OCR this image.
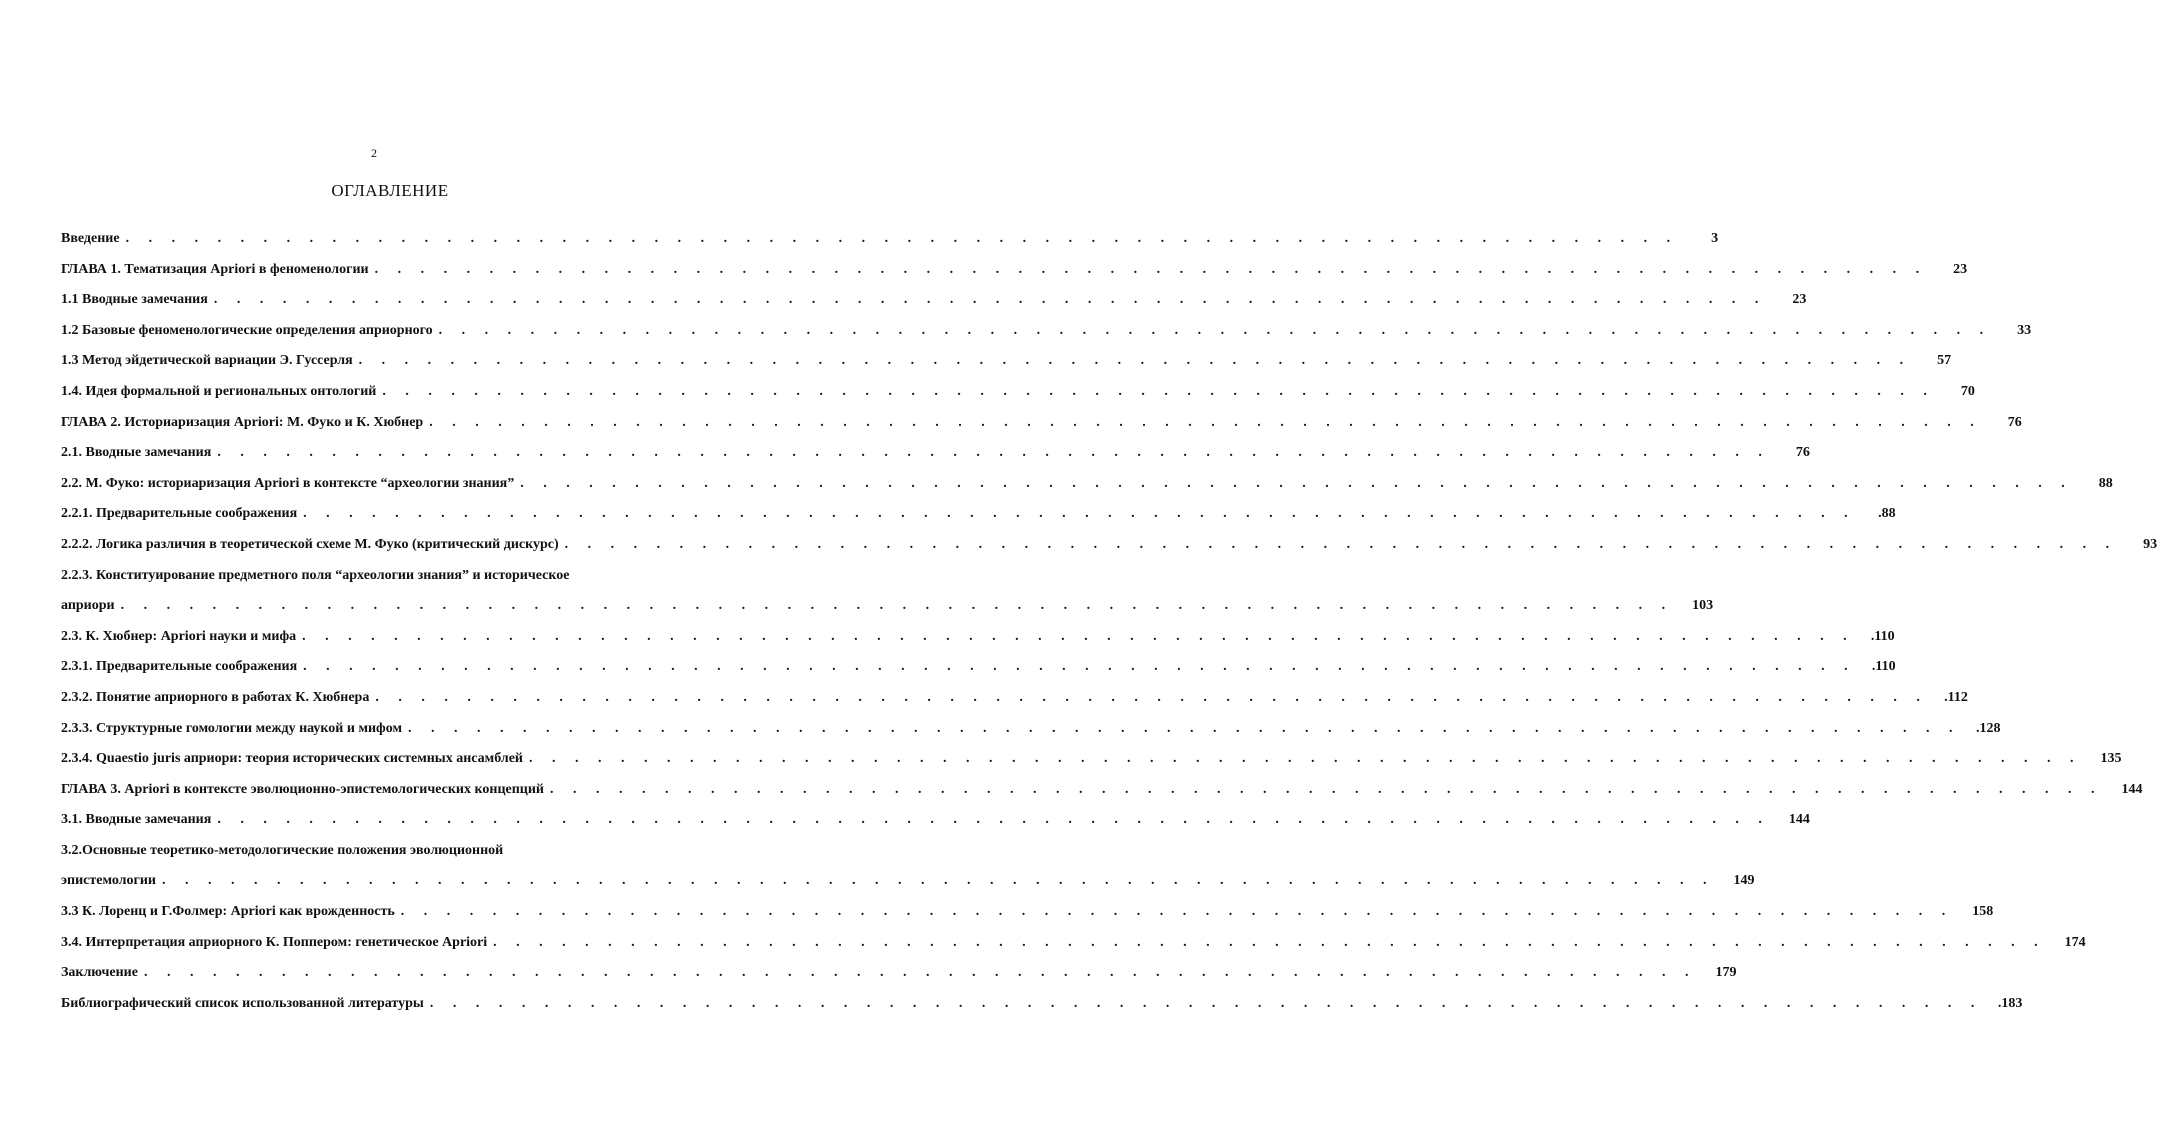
2
ОГЛАВЛЕНИЕ
Введение . . . . . . . . . . . . . . . . . . . . . . . . . . . . . . . . . . . . . . . . . . . . . . . . . . . . . . . . . . . . . . . . . . . .	3
ГЛАВА 1. Тематизация Apriori в феноменологии . . . . . . . . . . . . . . . . . . . . . . . . . . . . . . . . . . . . . . . . . . . . . . . . . . . . . . . . . . . . . . . . . . . .	23
1.1 Вводные замечания . . . . . . . . . . . . . . . . . . . . . . . . . . . . . . . . . . . . . . . . . . . . . . . . . . . . . . . . . . . . . . . . . . . .	23
1.2 Базовые феноменологические определения априорного . . . . . . . . . . . . . . . . . . . . . . . . . . . . . . . . . . . . . . . . . . . . . . . . . . . . . . . . . . . . . . . . . . . .	33
1.3 Метод эйдетической вариации Э. Гуссерля . . . . . . . . . . . . . . . . . . . . . . . . . . . . . . . . . . . . . . . . . . . . . . . . . . . . . . . . . . . . . . . . . . . .	57
1.4. Идея формальной и региональных онтологий . . . . . . . . . . . . . . . . . . . . . . . . . . . . . . . . . . . . . . . . . . . . . . . . . . . . . . . . . . . . . . . . . . . .	70
ГЛАВА 2. Историаризация Apriori: М. Фуко и К. Хюбнер . . . . . . . . . . . . . . . . . . . . . . . . . . . . . . . . . . . . . . . . . . . . . . . . . . . . . . . . . . . . . . . . . . . .	76
2.1. Вводные замечания . . . . . . . . . . . . . . . . . . . . . . . . . . . . . . . . . . . . . . . . . . . . . . . . . . . . . . . . . . . . . . . . . . . .	76
2.2. М. Фуко: историаризация Apriori в контексте “археологии знания” . . . . . . . . . . . . . . . . . . . . . . . . . . . . . . . . . . . . . . . . . . . . . . . . . . . . . . . . . . . . . . . . . . . .	88
2.2.1. Предварительные соображения . . . . . . . . . . . . . . . . . . . . . . . . . . . . . . . . . . . . . . . . . . . . . . . . . . . . . . . . . . . . . . . . . . . .	.88
2.2.2. Логика различия в теоретической схеме М. Фуко (критический дискурс) . . . . . . . . . . . . . . . . . . . . . . . . . . . . . . . . . . . . . . . . . . . . . . . . . . . . . . . . . . . . . . . . . . . .	93
2.2.3. Конституирование предметного поля “археологии знания” и историческое
априори . . . . . . . . . . . . . . . . . . . . . . . . . . . . . . . . . . . . . . . . . . . . . . . . . . . . . . . . . . . . . . . . . . . .	103
2.3. К. Хюбнер: Apriori науки и мифа . . . . . . . . . . . . . . . . . . . . . . . . . . . . . . . . . . . . . . . . . . . . . . . . . . . . . . . . . . . . . . . . . . . .	.110
2.3.1. Предварительные соображения . . . . . . . . . . . . . . . . . . . . . . . . . . . . . . . . . . . . . . . . . . . . . . . . . . . . . . . . . . . . . . . . . . . .	.110
2.3.2. Понятие априорного в работах К. Хюбнера . . . . . . . . . . . . . . . . . . . . . . . . . . . . . . . . . . . . . . . . . . . . . . . . . . . . . . . . . . . . . . . . . . . .	.112
2.3.3. Структурные гомологии между наукой и мифом . . . . . . . . . . . . . . . . . . . . . . . . . . . . . . . . . . . . . . . . . . . . . . . . . . . . . . . . . . . . . . . . . . . .	.128
2.3.4. Quaestio juris априори: теория исторических системных ансамблей . . . . . . . . . . . . . . . . . . . . . . . . . . . . . . . . . . . . . . . . . . . . . . . . . . . . . . . . . . . . . . . . . . . .	135
ГЛАВА 3. Apriori в контексте эволюционно-эпистемологических концепций . . . . . . . . . . . . . . . . . . . . . . . . . . . . . . . . . . . . . . . . . . . . . . . . . . . . . . . . . . . . . . . . . . . .	144
3.1. Вводные замечания . . . . . . . . . . . . . . . . . . . . . . . . . . . . . . . . . . . . . . . . . . . . . . . . . . . . . . . . . . . . . . . . . . . .	144
3.2.Основные теоретико-методологические положения эволюционной
эпистемологии . . . . . . . . . . . . . . . . . . . . . . . . . . . . . . . . . . . . . . . . . . . . . . . . . . . . . . . . . . . . . . . . . . . .	149
3.3 К. Лоренц и Г.Фолмер: Apriori как врожденность . . . . . . . . . . . . . . . . . . . . . . . . . . . . . . . . . . . . . . . . . . . . . . . . . . . . . . . . . . . . . . . . . . . .	158
3.4. Интерпретация априорного К. Поппером: генетическое Apriori . . . . . . . . . . . . . . . . . . . . . . . . . . . . . . . . . . . . . . . . . . . . . . . . . . . . . . . . . . . . . . . . . . . .	174
Заключение . . . . . . . . . . . . . . . . . . . . . . . . . . . . . . . . . . . . . . . . . . . . . . . . . . . . . . . . . . . . . . . . . . . .	179
Библиографический список использованной литературы . . . . . . . . . . . . . . . . . . . . . . . . . . . . . . . . . . . . . . . . . . . . . . . . . . . . . . . . . . . . . . . . . . . .	.183
